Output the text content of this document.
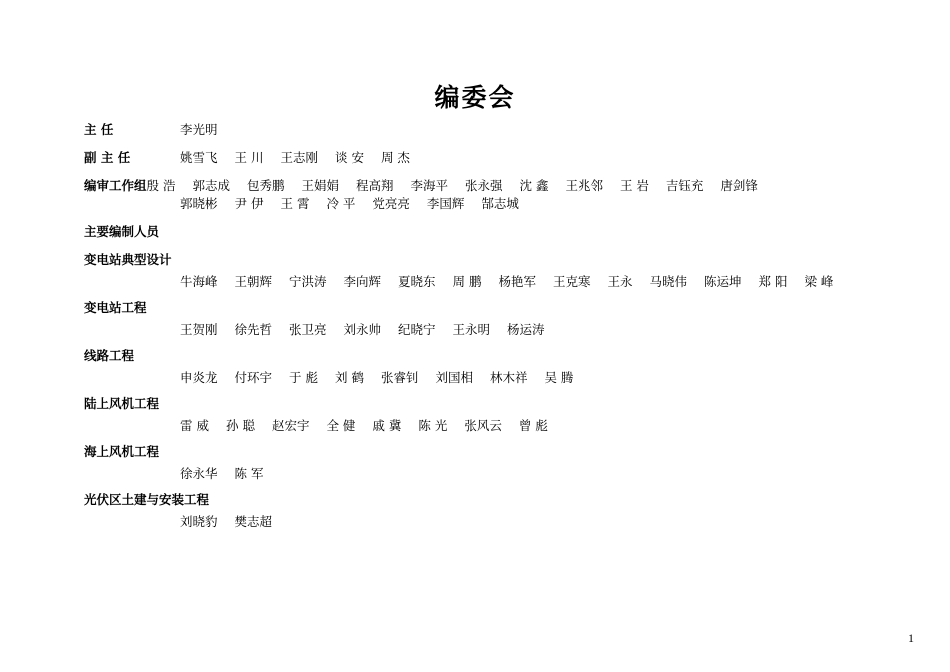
编委会
主 任	李光明
副 主 任	姚雪飞 王 川 王志刚 谈 安 周 杰
编审工作组 殷 浩 郭志成 包秀鹏 王娟娟 程高翔 李海平 张永强 沈 鑫 王兆邻 王 岩 吉钰充 唐剑锋
郭晓彬 尹 伊 王 霄 冷 平 党亮亮 李国辉 郜志城
主要编制人员
变电站典型设计
牛海峰 王朝辉 宁洪涛 李向辉 夏晓东 周 鹏 杨艳军 王克寒 王永 马晓伟 陈运坤 郑 阳 梁 峰
变电站工程
王贺刚 徐先哲 张卫亮 刘永帅 纪晓宁 王永明 杨运涛
线路工程
申炎龙 付环宇 于 彪 刘 鹤 张睿钊 刘国相 林木祥 吴 腾
陆上风机工程
雷 威 孙 聪 赵宏宇 全 健 戚 冀 陈 光 张风云 曾 彪
海上风机工程
徐永华 陈 军
光伏区土建与安装工程
刘晓豹 樊志超
1
